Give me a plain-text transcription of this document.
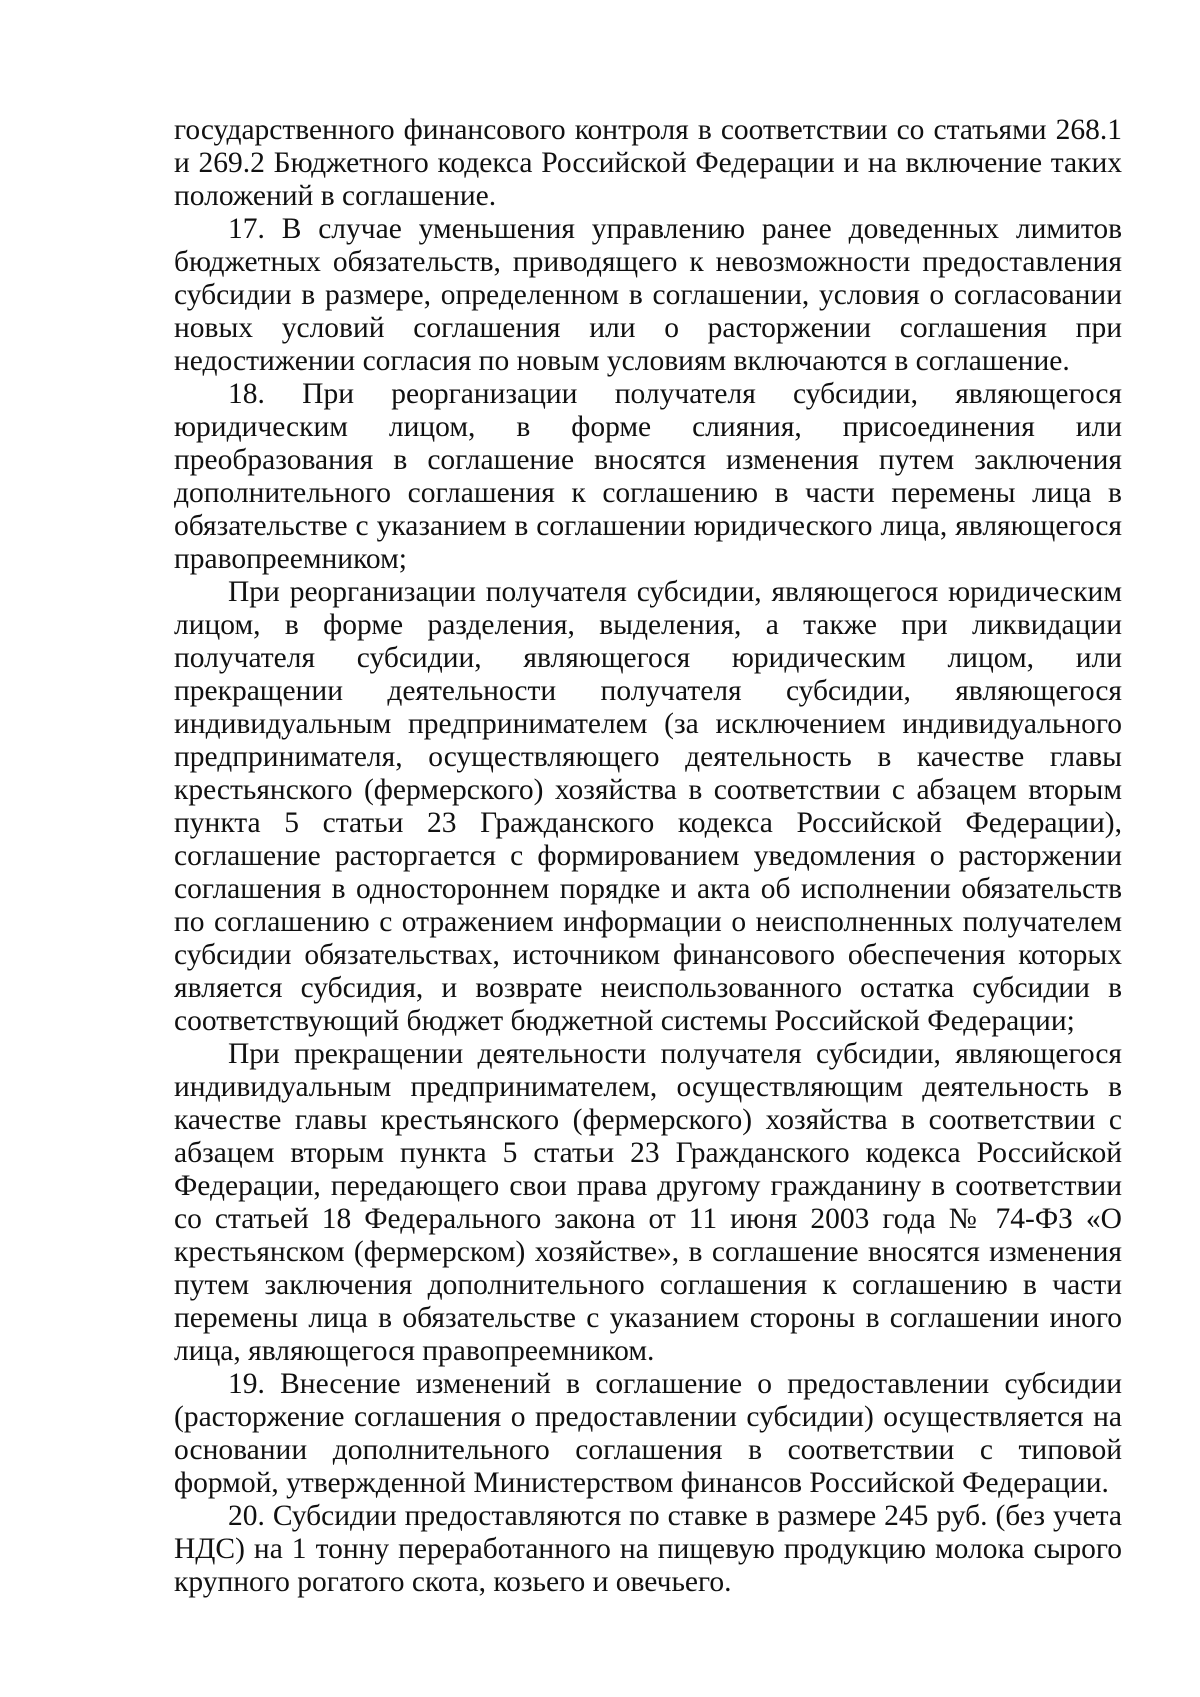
государственного финансового контроля в соответствии со статьями 268.1 и 269.2 Бюджетного кодекса Российской Федерации и на включение таких положений в соглашение.

17. В случае уменьшения управлению ранее доведенных лимитов бюджетных обязательств, приводящего к невозможности предоставления субсидии в размере, определенном в соглашении, условия о согласовании новых условий соглашения или о расторжении соглашения при недостижении согласия по новым условиям включаются в соглашение.

18. При реорганизации получателя субсидии, являющегося юридическим лицом, в форме слияния, присоединения или преобразования в соглашение вносятся изменения путем заключения дополнительного соглашения к соглашению в части перемены лица в обязательстве с указанием в соглашении юридического лица, являющегося правопреемником;

При реорганизации получателя субсидии, являющегося юридическим лицом, в форме разделения, выделения, а также при ликвидации получателя субсидии, являющегося юридическим лицом, или прекращении деятельности получателя субсидии, являющегося индивидуальным предпринимателем (за исключением индивидуального предпринимателя, осуществляющего деятельность в качестве главы крестьянского (фермерского) хозяйства в соответствии с абзацем вторым пункта 5 статьи 23 Гражданского кодекса Российской Федерации), соглашение расторгается с формированием уведомления о расторжении соглашения в одностороннем порядке и акта об исполнении обязательств по соглашению с отражением информации о неисполненных получателем субсидии обязательствах, источником финансового обеспечения которых является субсидия, и возврате неиспользованного остатка субсидии в соответствующий бюджет бюджетной системы Российской Федерации;

При прекращении деятельности получателя субсидии, являющегося индивидуальным предпринимателем, осуществляющим деятельность в качестве главы крестьянского (фермерского) хозяйства в соответствии с абзацем вторым пункта 5 статьи 23 Гражданского кодекса Российской Федерации, передающего свои права другому гражданину в соответствии со статьей 18 Федерального закона от 11 июня 2003 года № 74-ФЗ «О крестьянском (фермерском) хозяйстве», в соглашение вносятся изменения путем заключения дополнительного соглашения к соглашению в части перемены лица в обязательстве с указанием стороны в соглашении иного лица, являющегося правопреемником.

19. Внесение изменений в соглашение о предоставлении субсидии (расторжение соглашения о предоставлении субсидии) осуществляется на основании дополнительного соглашения в соответствии с типовой формой, утвержденной Министерством финансов Российской Федерации.

20. Субсидии предоставляются по ставке в размере 245 руб. (без учета НДС) на 1 тонну переработанного на пищевую продукцию молока сырого крупного рогатого скота, козьего и овечьего.
